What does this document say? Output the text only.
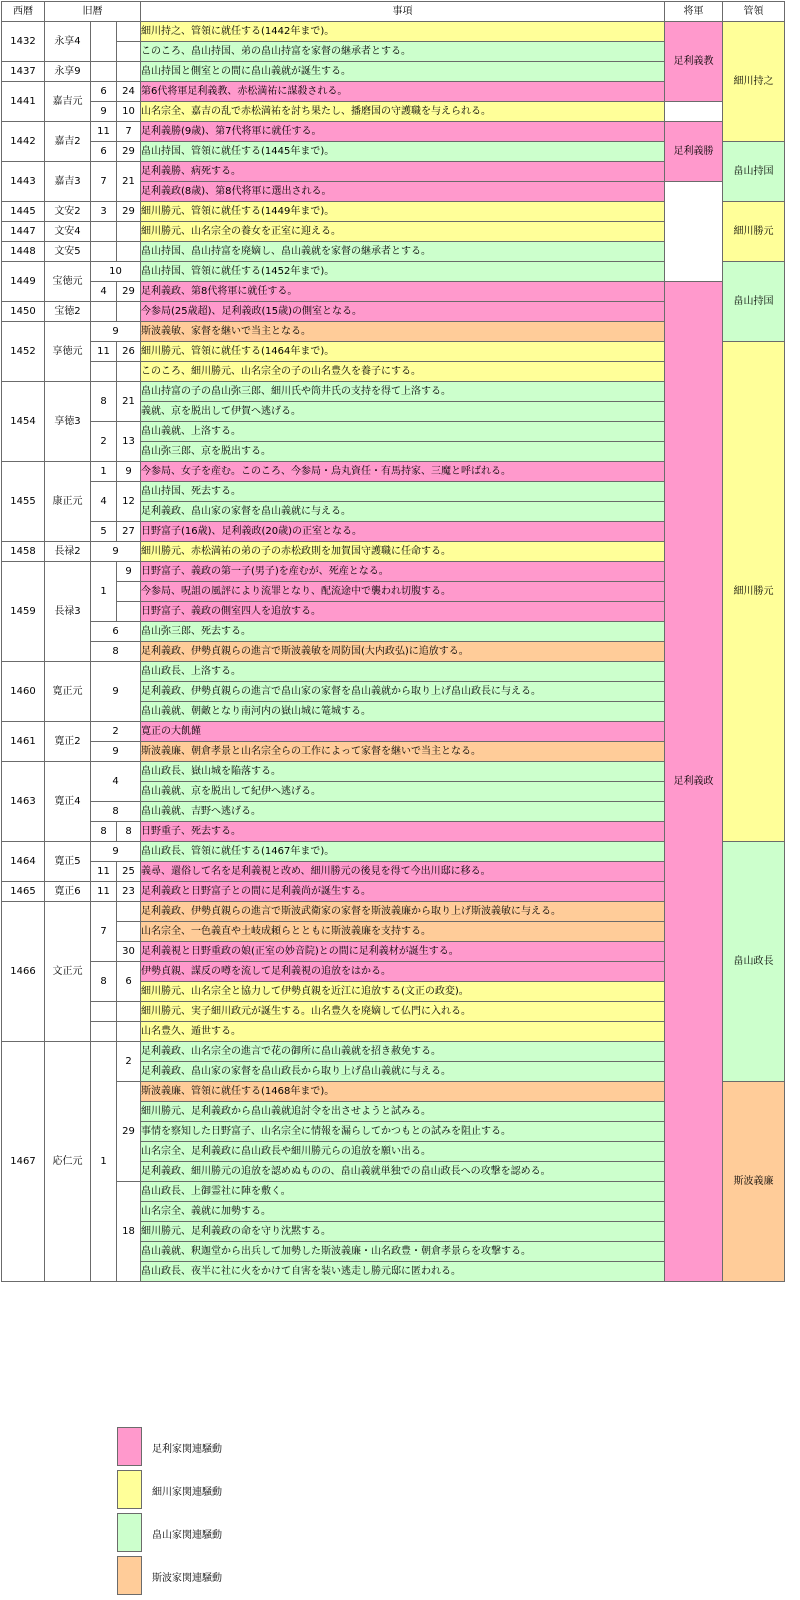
西暦	旧暦			事項	将軍	管領
1432	永享4			細川持之、管領に就任する(1442年まで)。	足利義教	細川持之
				このころ、畠山持国、弟の畠山持富を家督の継承者とする。		
1437	永享9			畠山持国と側室との間に畠山義就が誕生する。		
1441	嘉吉元	6	24	第6代将軍足利義教、赤松満祐に謀殺される。		
		9	10	山名宗全、嘉吉の乱で赤松満祐を討ち果たし、播磨国の守護職を与えられる。		
1442	嘉吉2	11	7	足利義勝(9歳)、第7代将軍に就任する。	足利義勝	
		6	29	畠山持国、管領に就任する(1445年まで)。		畠山持国
1443	嘉吉3	7	21	足利義勝、病死する。		
				足利義政(8歳)、第8代将軍に選出される。		
1445	文安2	3	29	細川勝元、管領に就任する(1449年まで)。		細川勝元
1447	文安4			細川勝元、山名宗全の養女を正室に迎える。		
1448	文安5			畠山持国、畠山持富を廃嫡し、畠山義就を家督の継承者とする。		
1449	宝徳元	10		畠山持国、管領に就任する(1452年まで)。		畠山持国
		4	29	足利義政、第8代将軍に就任する。	足利義政	
1450	宝徳2			今参局(25歳超)、足利義政(15歳)の側室となる。		
1452	享徳元	9		斯波義敏、家督を継いで当主となる。		
		11	26	細川勝元、管領に就任する(1464年まで)。		細川勝元
				このころ、細川勝元、山名宗全の子の山名豊久を養子にする。		
1454	享徳3	8	21	畠山持富の子の畠山弥三郎、細川氏や筒井氏の支持を得て上洛する。		
				義就、京を脱出して伊賀へ逃げる。		
		2	13	畠山義就、上洛する。		
				畠山弥三郎、京を脱出する。		
1455	康正元	1	9	今参局、女子を産む。このころ、今参局・烏丸資任・有馬持家、三魔と呼ばれる。		
		4	12	畠山持国、死去する。		
				足利義政、畠山家の家督を畠山義就に与える。		
		5	27	日野富子(16歳)、足利義政(20歳)の正室となる。		
1458	長禄2	9		細川勝元、赤松満祐の弟の子の赤松政則を加賀国守護職に任命する。		
1459	長禄3	1	9	日野富子、義政の第一子(男子)を産むが、死産となる。		
				今参局、呪詛の風評により流罪となり、配流途中で襲われ切腹する。		
				日野富子、義政の側室四人を追放する。		
		6		畠山弥三郎、死去する。		
		8		足利義政、伊勢貞親らの進言で斯波義敏を周防国(大内政弘)に追放する。		
1460	寛正元	9		畠山政長、上洛する。		
				足利義政、伊勢貞親らの進言で畠山家の家督を畠山義就から取り上げ畠山政長に与える。		
				畠山義就、朝敵となり南河内の嶽山城に篭城する。		
1461	寛正2	2		寛正の大飢饉		
		9		斯波義廉、朝倉孝景と山名宗全らの工作によって家督を継いで当主となる。		
1463	寛正4	4		畠山政長、嶽山城を陥落する。		
				畠山義就、京を脱出して紀伊へ逃げる。		
		8		畠山義就、吉野へ逃げる。		
		8	8	日野重子、死去する。		
1464	寛正5	9		畠山政長、管領に就任する(1467年まで)。		畠山政長
		11	25	義尋、還俗して名を足利義視と改め、細川勝元の後見を得て今出川邸に移る。		
1465	寛正6	11	23	足利義政と日野富子との間に足利義尚が誕生する。		
1466	文正元	7		足利義政、伊勢貞親らの進言で斯波武衛家の家督を斯波義廉から取り上げ斯波義敏に与える。		
				山名宗全、一色義直や土岐成頼らとともに斯波義廉を支持する。		
			30	足利義視と日野重政の娘(正室の妙音院)との間に足利義材が誕生する。		
		8	6	伊勢貞親、謀反の噂を流して足利義視の追放をはかる。		
				細川勝元、山名宗全と協力して伊勢貞親を近江に追放する(文正の政変)。		
				細川勝元、実子細川政元が誕生する。山名豊久を廃嫡して仏門に入れる。		
				山名豊久、遁世する。		
1467	応仁元	1	2	足利義政、山名宗全の進言で花の御所に畠山義就を招き赦免する。		
				足利義政、畠山家の家督を畠山政長から取り上げ畠山義就に与える。		
			29	斯波義廉、管領に就任する(1468年まで)。		斯波義廉
				細川勝元、足利義政から畠山義就追討令を出させようと試みる。		
				事情を察知した日野富子、山名宗全に情報を漏らしてかつもとの試みを阻止する。		
				山名宗全、足利義政に畠山政長や細川勝元らの追放を願い出る。		
				足利義政、細川勝元の追放を認めぬものの、畠山義就単独での畠山政長への攻撃を認める。		
			18	畠山政長、上御霊社に陣を敷く。		
				山名宗全、義就に加勢する。		
				細川勝元、足利義政の命を守り沈黙する。		
				畠山義就、釈迦堂から出兵して加勢した斯波義廉・山名政豊・朝倉孝景らを攻撃する。		
				畠山政長、夜半に社に火をかけて自害を装い逃走し勝元邸に匿われる。		
足利家関連騒動
細川家関連騒動
畠山家関連騒動
斯波家関連騒動
